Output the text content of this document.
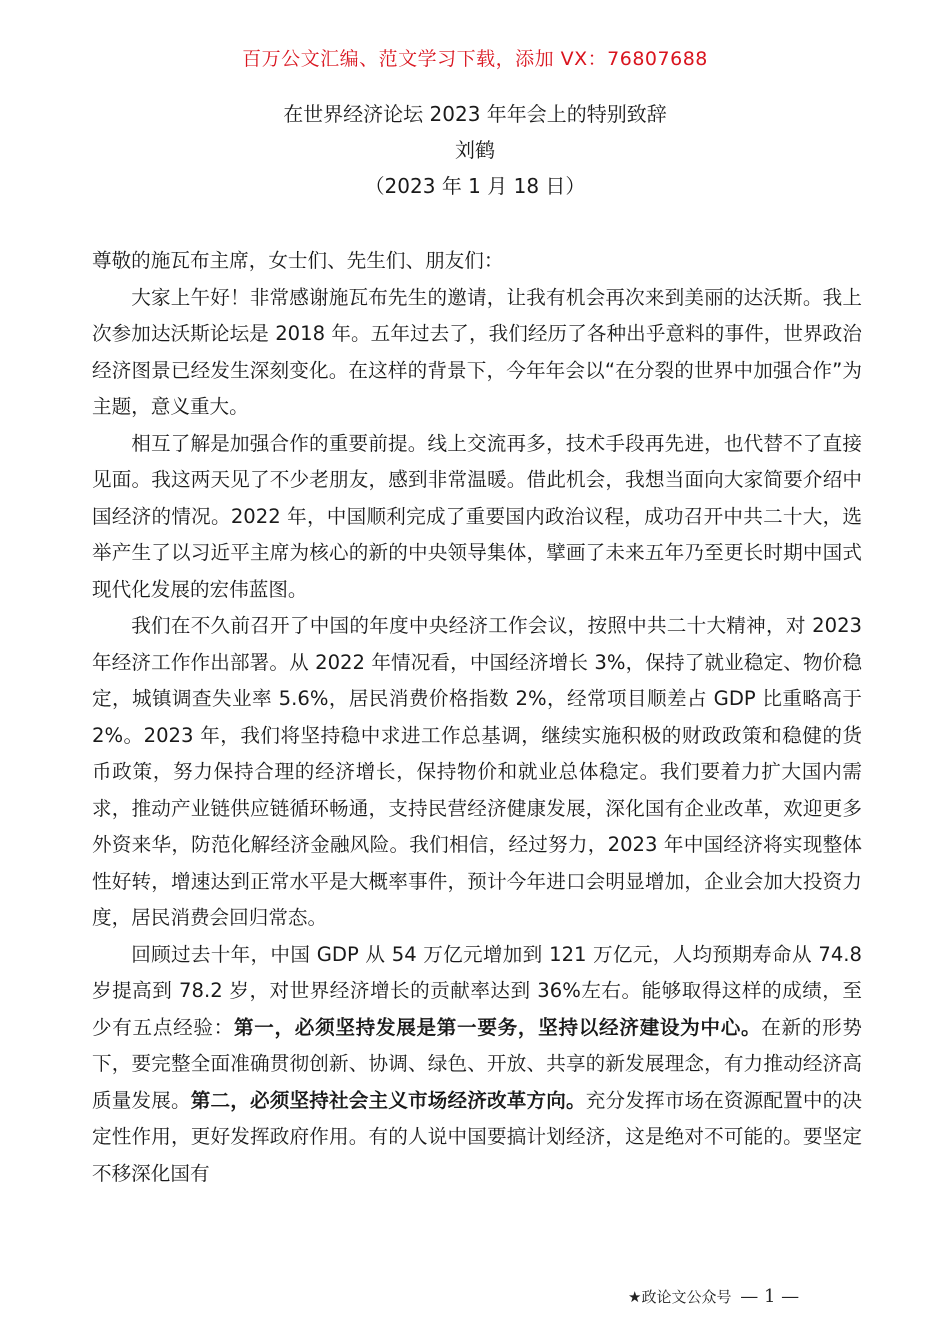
百万公文汇编、范文学习下载，添加 VX：76807688
在世界经济论坛 2023 年年会上的特别致辞
刘鹤
（2023 年 1 月 18 日）

尊敬的施瓦布主席，女士们、先生们、朋友们：

大家上午好！非常感谢施瓦布先生的邀请，让我有机会再次来到美丽的达沃斯。我上次参加达沃斯论坛是 2018 年。五年过去了，我们经历了各种出乎意料的事件，世界政治经济图景已经发生深刻变化。在这样的背景下，今年年会以“在分裂的世界中加强合作”为主题，意义重大。

相互了解是加强合作的重要前提。线上交流再多，技术手段再先进，也代替不了直接见面。我这两天见了不少老朋友，感到非常温暖。借此机会，我想当面向大家简要介绍中国经济的情况。2022 年，中国顺利完成了重要国内政治议程，成功召开中共二十大，选举产生了以习近平主席为核心的新的中央领导集体，擘画了未来五年乃至更长时期中国式现代化发展的宏伟蓝图。

我们在不久前召开了中国的年度中央经济工作会议，按照中共二十大精神，对 2023 年经济工作作出部署。从 2022 年情况看，中国经济增长 3%，保持了就业稳定、物价稳定，城镇调查失业率 5.6%，居民消费价格指数 2%，经常项目顺差占 GDP 比重略高于 2%。2023 年，我们将坚持稳中求进工作总基调，继续实施积极的财政政策和稳健的货币政策，努力保持合理的经济增长，保持物价和就业总体稳定。我们要着力扩大国内需求，推动产业链供应链循环畅通，支持民营经济健康发展，深化国有企业改革，欢迎更多外资来华，防范化解经济金融风险。我们相信，经过努力，2023 年中国经济将实现整体性好转，增速达到正常水平是大概率事件，预计今年进口会明显增加，企业会加大投资力度，居民消费会回归常态。

回顾过去十年，中国 GDP 从 54 万亿元增加到 121 万亿元，人均预期寿命从 74.8 岁提高到 78.2 岁，对世界经济增长的贡献率达到 36%左右。能够取得这样的成绩，至少有五点经验：第一，必须坚持发展是第一要务，坚持以经济建设为中心。在新的形势下，要完整全面准确贯彻创新、协调、绿色、开放、共享的新发展理念，有力推动经济高质量发展。第二，必须坚持社会主义市场经济改革方向。充分发挥市场在资源配置中的决定性作用，更好发挥政府作用。有的人说中国要搞计划经济，这是绝对不可能的。要坚定不移深化国有

★政论文公众号 — 1 —
